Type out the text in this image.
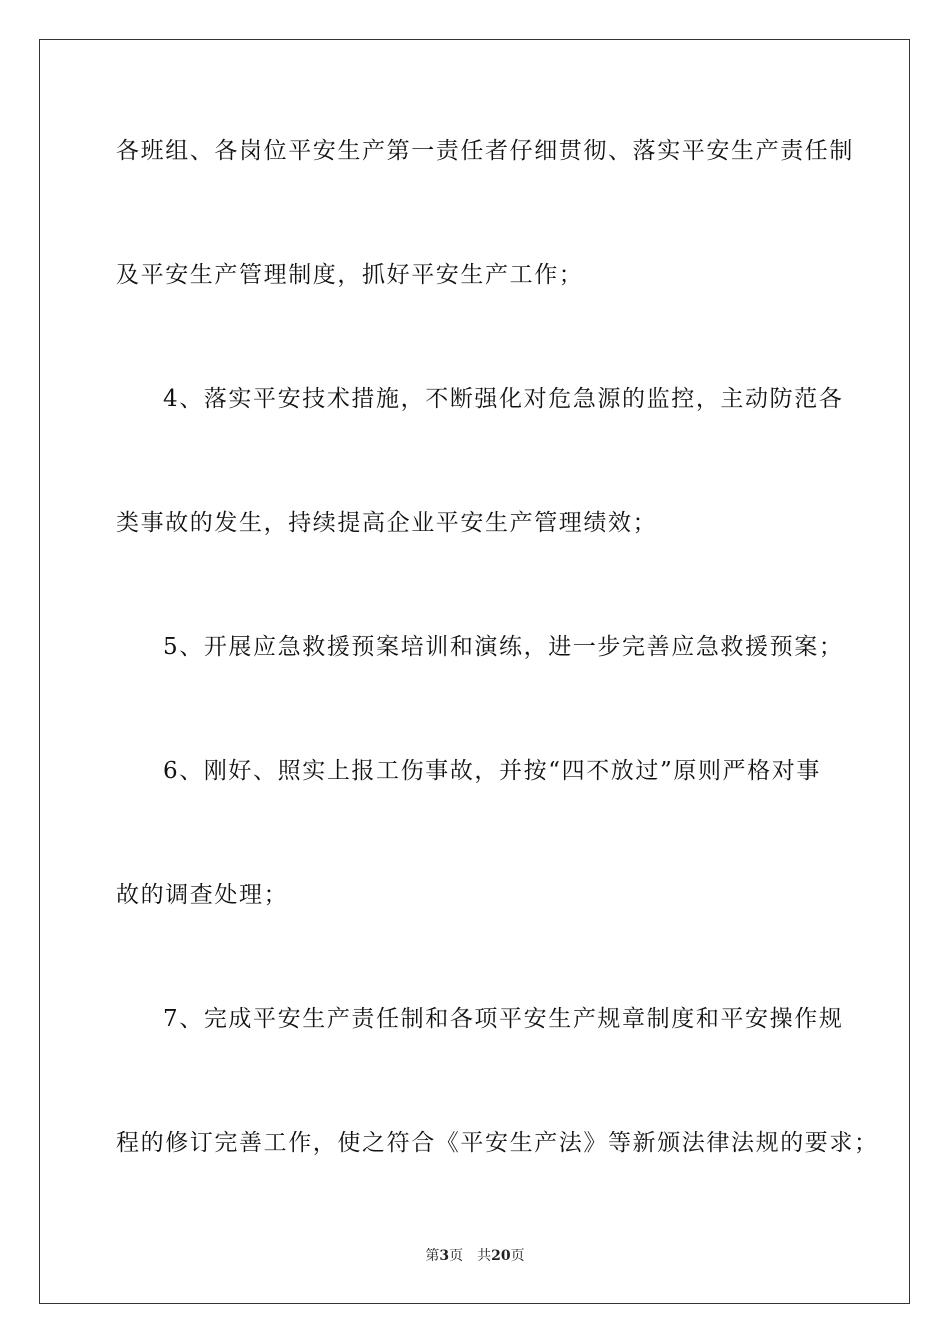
各班组、各岗位平安生产第一责任者仔细贯彻、落实平安生产责任制
及平安生产管理制度，抓好平安生产工作；
4、落实平安技术措施，不断强化对危急源的监控，主动防范各
类事故的发生，持续提高企业平安生产管理绩效；
5、开展应急救援预案培训和演练，进一步完善应急救援预案；
6、刚好、照实上报工伤事故，并按“四不放过”原则严格对事
故的调查处理；
7、完成平安生产责任制和各项平安生产规章制度和平安操作规
程的修订完善工作，使之符合《平安生产法》等新颁法律法规的要求；
第3页 共20页
